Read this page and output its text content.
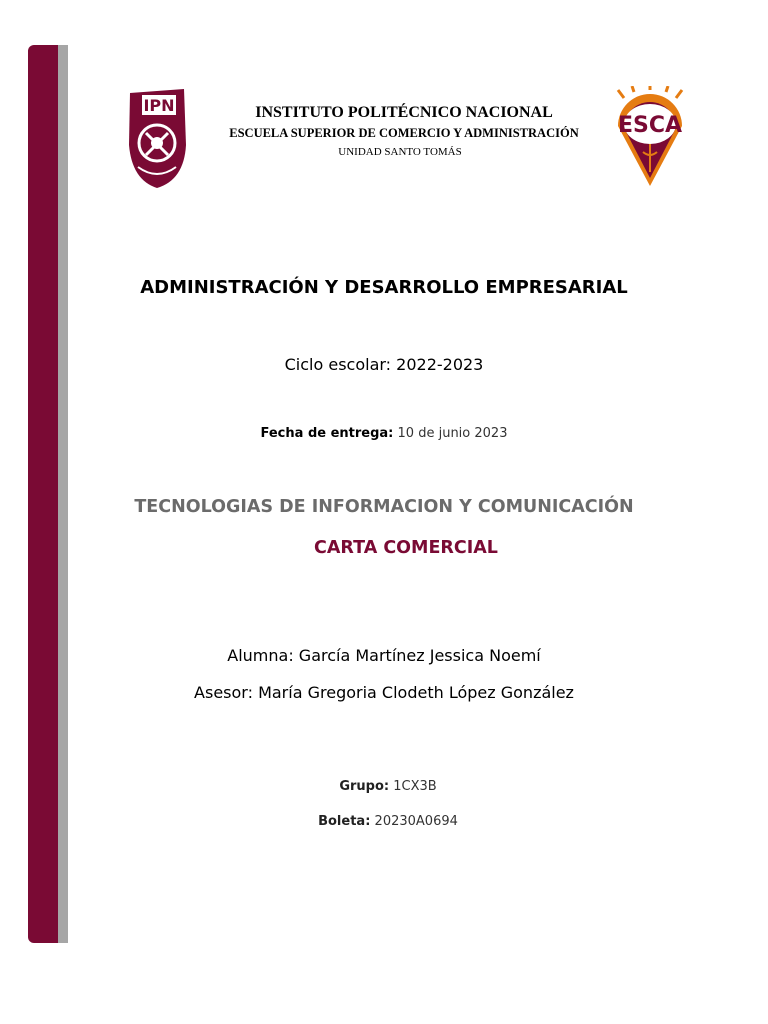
IPN
ESCA
INSTITUTO POLITÉCNICO NACIONAL
ESCUELA SUPERIOR DE COMERCIO Y ADMINISTRACIÓN
UNIDAD SANTO TOMÁS
ADMINISTRACIÓN Y DESARROLLO EMPRESARIAL
Ciclo escolar: 2022-2023
Fecha de entrega: 10 de junio 2023
TECNOLOGIAS DE INFORMACION Y COMUNICACIÓN
CARTA COMERCIAL
Alumna: García Martínez Jessica Noemí
Asesor: María Gregoria Clodeth López González
Grupo: 1CX3B
Boleta: 20230A0694
